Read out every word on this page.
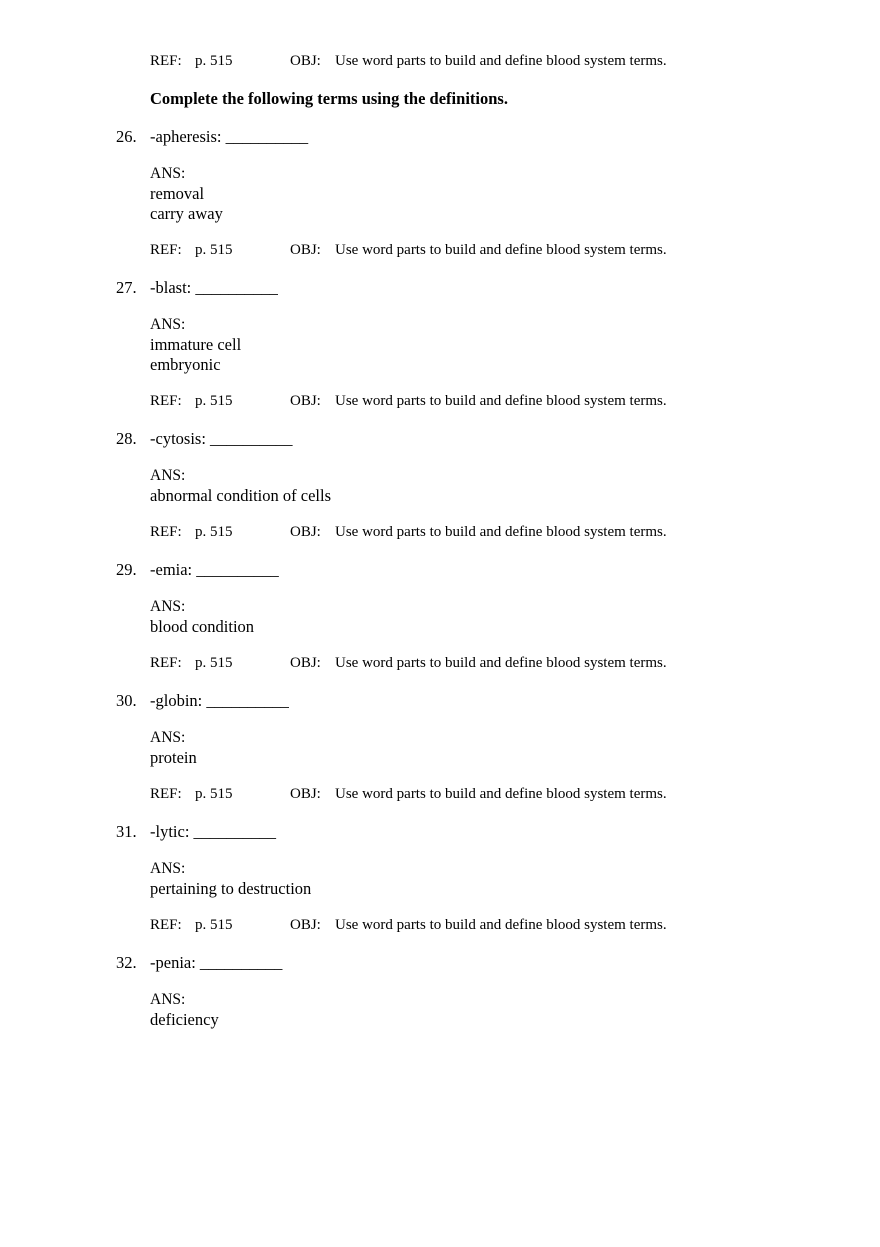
REF: p. 515	OBJ: Use word parts to build and define blood system terms.
Complete the following terms using the definitions.
26. -apheresis: __________
ANS:
removal
carry away
REF: p. 515	OBJ: Use word parts to build and define blood system terms.
27. -blast: __________
ANS:
immature cell
embryonic
REF: p. 515	OBJ: Use word parts to build and define blood system terms.
28. -cytosis: __________
ANS:
abnormal condition of cells
REF: p. 515	OBJ: Use word parts to build and define blood system terms.
29. -emia: __________
ANS:
blood condition
REF: p. 515	OBJ: Use word parts to build and define blood system terms.
30. -globin: __________
ANS:
protein
REF: p. 515	OBJ: Use word parts to build and define blood system terms.
31. -lytic: __________
ANS:
pertaining to destruction
REF: p. 515	OBJ: Use word parts to build and define blood system terms.
32. -penia: __________
ANS:
deficiency
